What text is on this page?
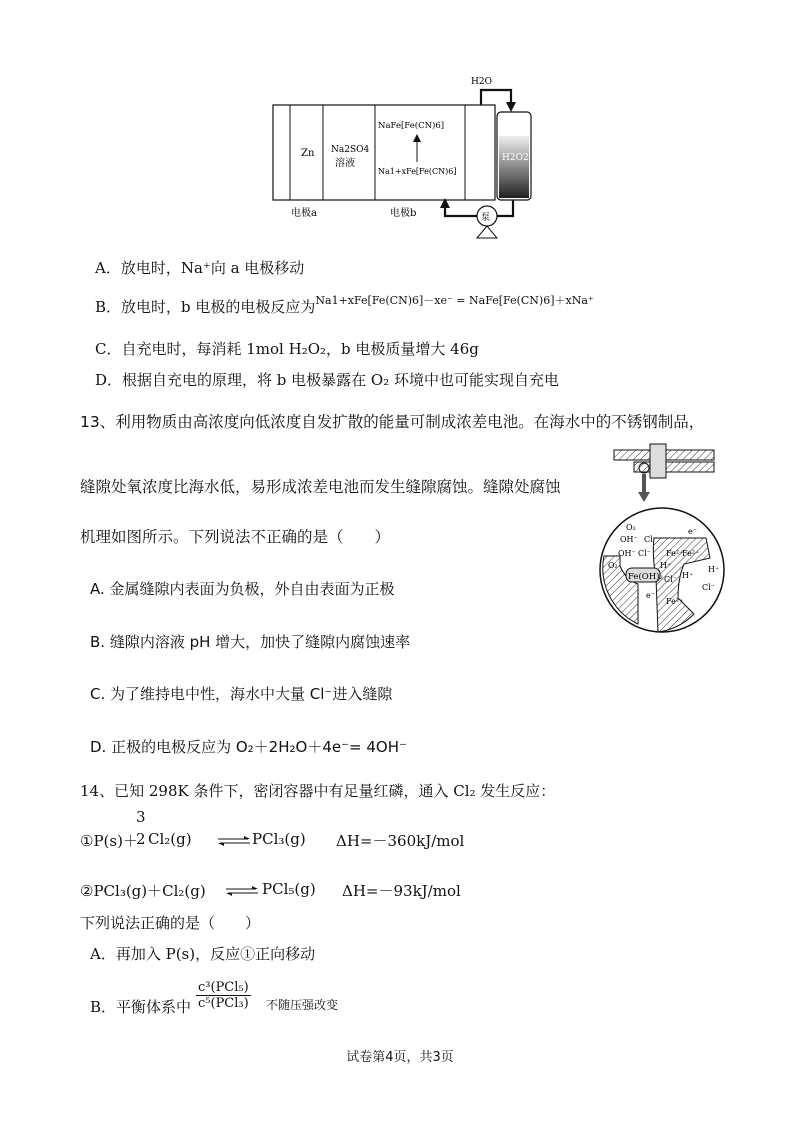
Zn Na2SO4
溶液
NaFe[Fe(CN)6]
Na1+xFe[Fe(CN)6]
H2O2
H2O
泵
电极a	电极b
A．放电时，Na⁺向 a 电极移动
B．放电时，b 电极的电极反应为$^{Na1+xFe[Fe(CN)6]-xe^- = NaFe[Fe(CN)6]+xNa^+}$
C．自充电时，每消耗 1mol H₂O₂，b 电极质量增大 46g
D．根据自充电的原理，将 b 电极暴露在 O₂ 环境中也可能实现自充电
13、利用物质由高浓度向低浓度自发扩散的能量可制成浓差电池。在海水中的不锈钢制品，
缝隙处氧浓度比海水低，易形成浓差电池而发生缝隙腐蚀。缝隙处腐蚀
机理如图所示。下列说法不正确的是（　　）
A. 金属缝隙内表面为负极，外自由表面为正极
B. 缝隙内溶液 pH 增大，加快了缝隙内腐蚀速率
C. 为了维持电中性，海水中大量 Cl⁻进入缝隙
D. 正极的电极反应为 O₂＋2H₂O＋4e⁻= 4OH⁻
Fe(OH)₂
O₂
OH⁻ Cl⁻
OH⁻ Cl⁻ Fe²⁺
O₂	H⁺
Fe²⁺
Cl⁻ H⁺
H⁺
Cl⁻
Fe²⁺
e⁻
e⁻
14、已知 298K 条件下，密闭容器中有足量红磷，通入 Cl₂ 发生反应：
①P(s)＋
3
2 Cl₂(g) ⇌ PCl₃(g) ΔH=－360kJ/mol
②PCl₃(g)＋Cl₂(g) ⇌ PCl₅(g) ΔH=－93kJ/mol
下列说法正确的是（　　）
A．再加入 P(s)，反应①正向移动
B．平衡体系中
c³(PCl₅)
c⁵(PCl₃) 不随压强改变
试卷第4页，共3页
